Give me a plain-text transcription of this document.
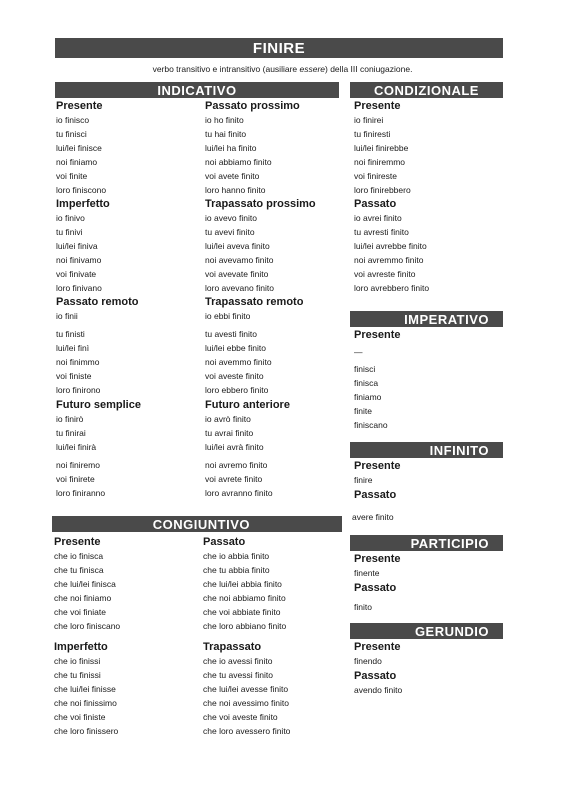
FINIRE
verbo transitivo e intransitivo (ausiliare essere) della III coniugazione.
INDICATIVO	CONDIZIONALE
IMPERATIVO
INFINITO
PARTICIPIO
GERUNDIO
CONGIUNTIVO

Presente

io finisco
tu finisci
lui/lei finisce
noi finiamo
voi finite
loro finiscono

Imperfetto

io finivo
tu finivi
lui/lei finiva
noi finivamo
voi finivate
loro finivano

Passato remoto

io finii
tu finisti
lui/lei finì
noi finimmo
voi finiste
loro finirono

Futuro semplice

io finirò
tu finirai
lui/lei finirà
noi finiremo
voi finirete
loro finiranno

Passato prossimo

io ho finito
tu hai finito
lui/lei ha finito
noi abbiamo finito
voi avete finito
loro hanno finito

Trapassato prossimo

io avevo finito
tu avevi finito
lui/lei aveva finito
noi avevamo finito
voi avevate finito
loro avevano finito

Trapassato remoto

io ebbi finito
tu avesti finito
lui/lei ebbe finito
noi avemmo finito
voi aveste finito
loro ebbero finito

Futuro anteriore

io avrò finito
tu avrai finito
lui/lei avrà finito
noi avremo finito
voi avrete finito
loro avranno finito

Presente

io finirei
tu finiresti
lui/lei finirebbe
noi finiremmo
voi finireste
loro finirebbero

Passato

io avrei finito
tu avresti finito
lui/lei avrebbe finito
noi avremmo finito
voi avreste finito
loro avrebbero finito

Presente

—
finisci
finisca
finiamo
finite
finiscano

Presente

finire

Passato

avere finito

Presente

finente

Passato

finito

Presente

finendo

Passato

avendo finito

Presente

che io finisca
che tu finisca
che lui/lei finisca
che noi finiamo
che voi finiate
che loro finiscano

Passato

che io abbia finito
che tu abbia finito
che lui/lei abbia finito
che noi abbiamo finito
che voi abbiate finito
che loro abbiano finito

Imperfetto

che io finissi
che tu finissi
che lui/lei finisse
che noi finissimo
che voi finiste
che loro finissero

Trapassato

che io avessi finito
che tu avessi finito
che lui/lei avesse finito
che noi avessimo finito
che voi aveste finito
che loro avessero finito
